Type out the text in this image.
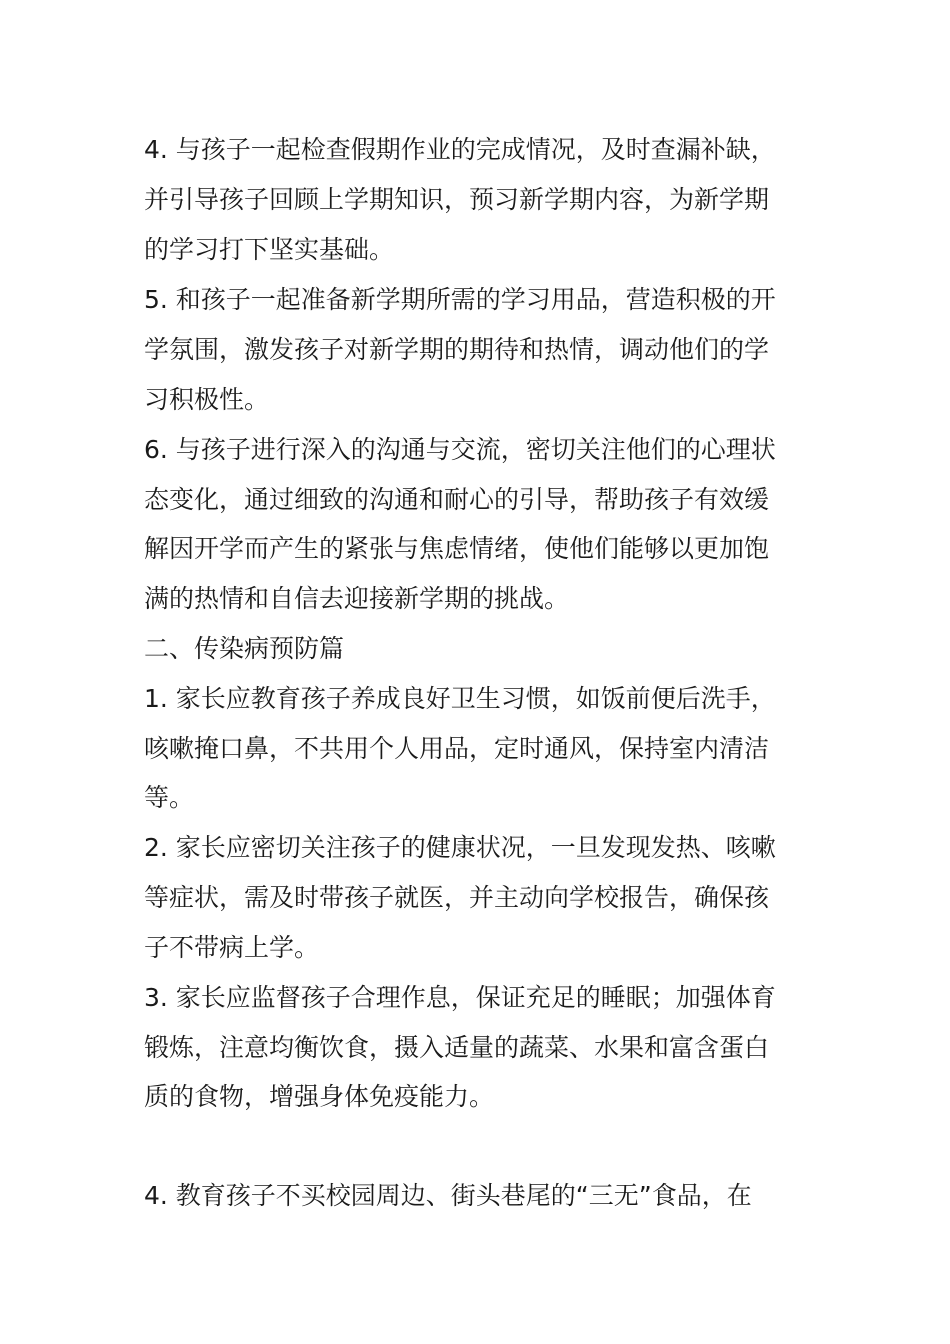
4. 与孩子一起检查假期作业的完成情况，及时查漏补缺，
并引导孩子回顾上学期知识，预习新学期内容，为新学期
的学习打下坚实基础。
5. 和孩子一起准备新学期所需的学习用品，营造积极的开
学氛围，激发孩子对新学期的期待和热情，调动他们的学
习积极性。
6. 与孩子进行深入的沟通与交流，密切关注他们的心理状
态变化，通过细致的沟通和耐心的引导，帮助孩子有效缓
解因开学而产生的紧张与焦虑情绪，使他们能够以更加饱
满的热情和自信去迎接新学期的挑战。
二、传染病预防篇
1. 家长应教育孩子养成良好卫生习惯，如饭前便后洗手，
咳嗽掩口鼻，不共用个人用品，定时通风，保持室内清洁
等。
2. 家长应密切关注孩子的健康状况，一旦发现发热、咳嗽
等症状，需及时带孩子就医，并主动向学校报告，确保孩
子不带病上学。
3. 家长应监督孩子合理作息，保证充足的睡眠；加强体育
锻炼，注意均衡饮食，摄入适量的蔬菜、水果和富含蛋白
质的食物，增强身体免疫能力。
4. 教育孩子不买校园周边、街头巷尾的“三无”食品，在
